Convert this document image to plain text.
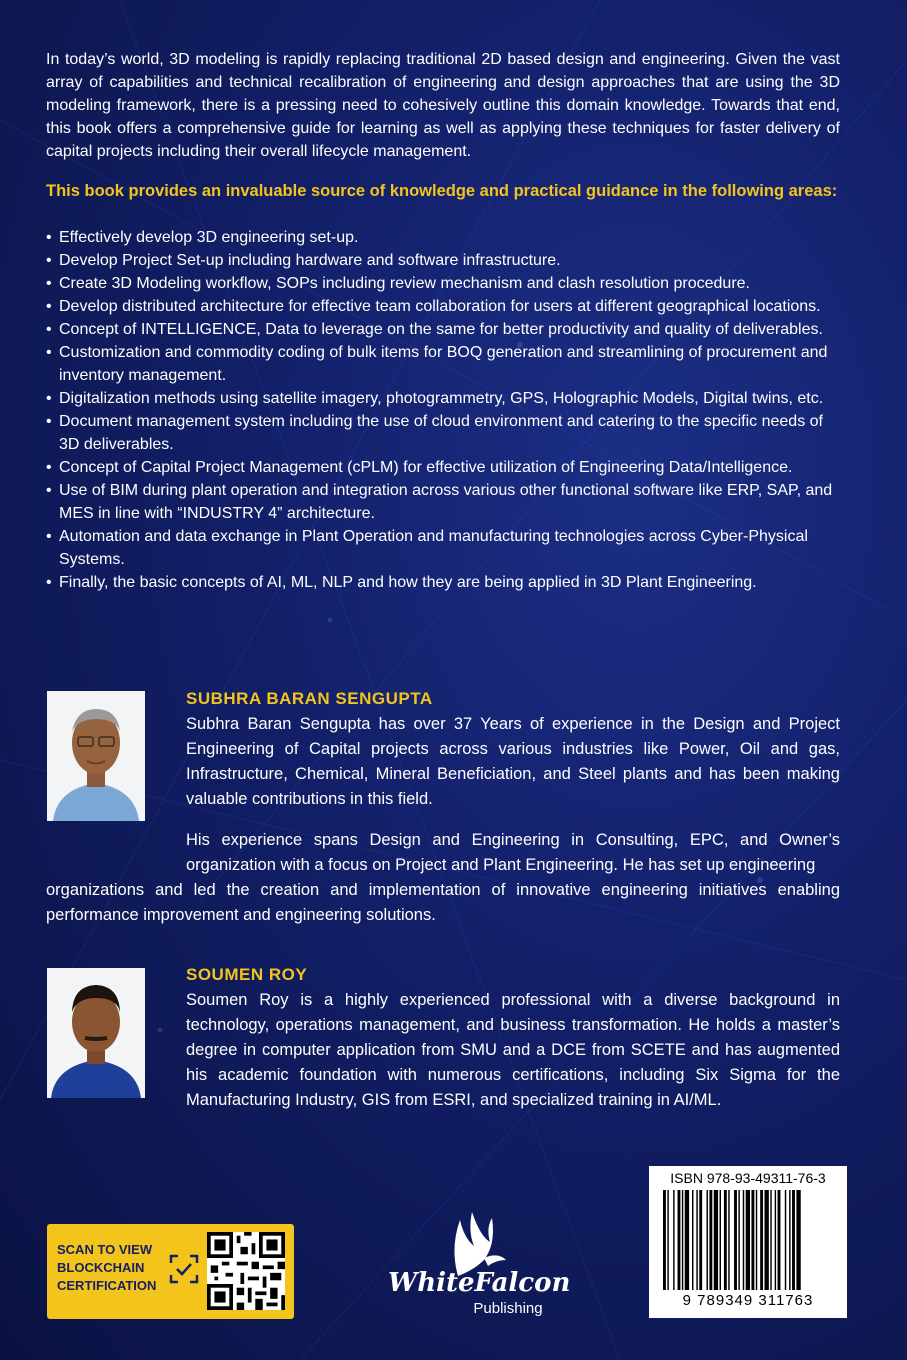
In today’s world, 3D modeling is rapidly replacing traditional 2D based design and engineering. Given the vast array of capabilities and technical recalibration of engineering and design approaches that are using the 3D modeling framework, there is a pressing need to cohesively outline this domain knowledge. Towards that end, this book offers a comprehensive guide for learning as well as applying these techniques for faster delivery of capital projects including their overall lifecycle management.

This book provides an invaluable source of knowledge and practical guidance in the following areas:

• Effectively develop 3D engineering set-up.
• Develop Project Set-up including hardware and software infrastructure.
• Create 3D Modeling workflow, SOPs including review mechanism and clash resolution procedure.
• Develop distributed architecture for effective team collaboration for users at different geographical locations.
• Concept of INTELLIGENCE, Data to leverage on the same for better productivity and quality of deliverables.
• Customization and commodity coding of bulk items for BOQ generation and streamlining of procurement and inventory management.
• Digitalization methods using satellite imagery, photogrammetry, GPS, Holographic Models, Digital twins, etc.
• Document management system including the use of cloud environment and catering to the specific needs of 3D deliverables.
• Concept of Capital Project Management (cPLM) for effective utilization of Engineering Data/Intelligence.
• Use of BIM during plant operation and integration across various other functional software like ERP, SAP, and MES in line with “INDUSTRY 4” architecture.
• Automation and data exchange in Plant Operation and manufacturing technologies across Cyber-Physical Systems.
• Finally, the basic concepts of AI, ML, NLP and how they are being applied in 3D Plant Engineering.

SUBHRA BARAN SENGUPTA

Subhra Baran Sengupta has over 37 Years of experience in the Design and Project Engineering of Capital projects across various industries like Power, Oil and gas, Infrastructure, Chemical, Mineral Beneficiation, and Steel plants and has been making valuable contributions in this field.

His experience spans Design and Engineering in Consulting, EPC, and Owner’s organization with a focus on Project and Plant Engineering. He has set up engineering

organizations and led the creation and implementation of innovative engineering initiatives enabling performance improvement and engineering solutions.

SOUMEN ROY

Soumen Roy is a highly experienced professional with a diverse background in technology, operations management, and business transformation. He holds a master’s degree in computer application from SMU and a DCE from SCETE and has augmented his academic foundation with numerous certifications, including Six Sigma for the Manufacturing Industry, GIS from ESRI, and specialized training in AI/ML.

SCAN TO VIEW
BLOCKCHAIN
CERTIFICATION	WhiteFalcon

Publishing

ISBN 978-93-49311-76-3

9 789349 311763
